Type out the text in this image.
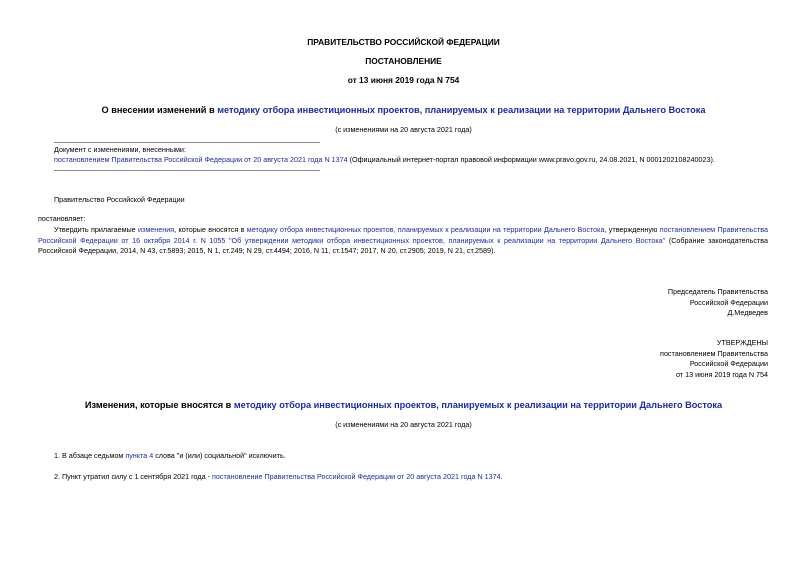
ПРАВИТЕЛЬСТВО РОССИЙСКОЙ ФЕДЕРАЦИИ
ПОСТАНОВЛЕНИЕ
от 13 июня 2019 года N 754
О внесении изменений в методику отбора инвестиционных проектов, планируемых к реализации на территории Дальнего Востока
(с изменениями на 20 августа 2021 года)
Документ с изменениями, внесенными:
постановлением Правительства Российской Федерации от 20 августа 2021 года N 1374 (Официальный интернет-портал правовой информации www.pravo.gov.ru, 24.08.2021, N 0001202108240023).
Правительство Российской Федерации
постановляет:
Утвердить прилагаемые изменения, которые вносятся в методику отбора инвестиционных проектов, планируемых к реализации на территории Дальнего Востока, утвержденную постановлением Правительства Российской Федерации от 16 октября 2014 г. N 1055 "Об утверждении методики отбора инвестиционных проектов, планируемых к реализации на территории Дальнего Востока" (Собрание законодательства Российской Федерации, 2014, N 43, ст.5893; 2015, N 1, ст.249; N 29, ст.4494; 2016, N 11, ст.1547; 2017, N 20, ст.2905; 2019, N 21, ст.2589).
Председатель Правительства
Российской Федерации
Д.Медведев
УТВЕРЖДЕНЫ
постановлением Правительства
Российской Федерации
от 13 июня 2019 года N 754
Изменения, которые вносятся в методику отбора инвестиционных проектов, планируемых к реализации на территории Дальнего Востока
(с изменениями на 20 августа 2021 года)
1. В абзаце седьмом пункта 4 слова "и (или) социальной" исключить.
2. Пункт утратил силу с 1 сентября 2021 года - постановление Правительства Российской Федерации от 20 августа 2021 года N 1374.
